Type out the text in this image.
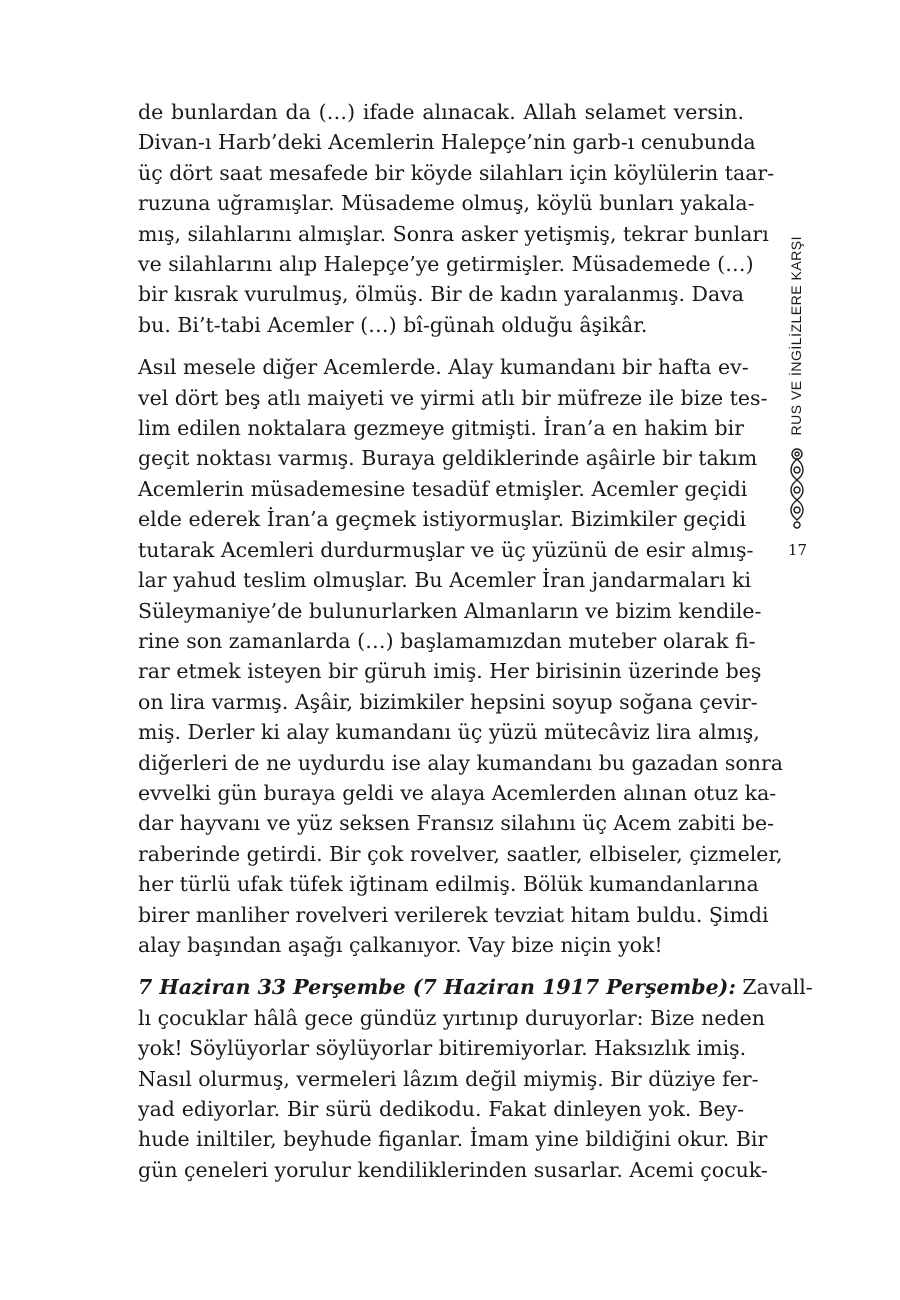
de bunlardan da (…) ifade alınacak. Allah selamet versin.
Divan-ı Harb’deki Acemlerin Halepçe’nin garb-ı cenubunda
üç dört saat mesafede bir köyde silahları için köylülerin taar-
ruzuna uğramışlar. Müsademe olmuş, köylü bunları yakala-
mış, silahlarını almışlar. Sonra asker yetişmiş, tekrar bunları
ve silahlarını alıp Halepçe’ye getirmişler. Müsademede (…)
bir kısrak vurulmuş, ölmüş. Bir de kadın yaralanmış. Dava
bu. Bi’t-tabi Acemler (…) bî-günah olduğu âşikâr.

Asıl mesele diğer Acemlerde. Alay kumandanı bir hafta ev-
vel dört beş atlı maiyeti ve yirmi atlı bir müfreze ile bize tes-
lim edilen noktalara gezmeye gitmişti. İran’a en hakim bir
geçit noktası varmış. Buraya geldiklerinde aşâirle bir takım
Acemlerin müsademesine tesadüf etmişler. Acemler geçidi
elde ederek İran’a geçmek istiyormuşlar. Bizimkiler geçidi
tutarak Acemleri durdurmuşlar ve üç yüzünü de esir almış-
lar yahud teslim olmuşlar. Bu Acemler İran jandarmaları ki
Süleymaniye’de bulunurlarken Almanların ve bizim kendile-
rine son zamanlarda (…) başlamamızdan muteber olarak fi-
rar etmek isteyen bir güruh imiş. Her birisinin üzerinde beş
on lira varmış. Aşâir, bizimkiler hepsini soyup soğana çevir-
miş. Derler ki alay kumandanı üç yüzü mütecâviz lira almış,
diğerleri de ne uydurdu ise alay kumandanı bu gazadan sonra
evvelki gün buraya geldi ve alaya Acemlerden alınan otuz ka-
dar hayvanı ve yüz seksen Fransız silahını üç Acem zabiti be-
raberinde getirdi. Bir çok rovelver, saatler, elbiseler, çizmeler,
her türlü ufak tüfek iğtinam edilmiş. Bölük kumandanlarına
birer manliher rovelveri verilerek tevziat hitam buldu. Şimdi
alay başından aşağı çalkanıyor. Vay bize niçin yok!

7 Haziran 33 Perşembe (7 Haziran 1917 Perşembe): Zavall-
lı çocuklar hâlâ gece gündüz yırtınıp duruyorlar: Bize neden
yok! Söylüyorlar söylüyorlar bitiremiyorlar. Haksızlık imiş.
Nasıl olurmuş, vermeleri lâzım değil miymiş. Bir düziye fer-
yad ediyorlar. Bir sürü dedikodu. Fakat dinleyen yok. Bey-
hude iniltiler, beyhude figanlar. İmam yine bildiğini okur. Bir
gün çeneleri yorulur kendiliklerinden susarlar. Acemi çocuk-

RUS VE İNGİLİZLERE KARŞI
17
